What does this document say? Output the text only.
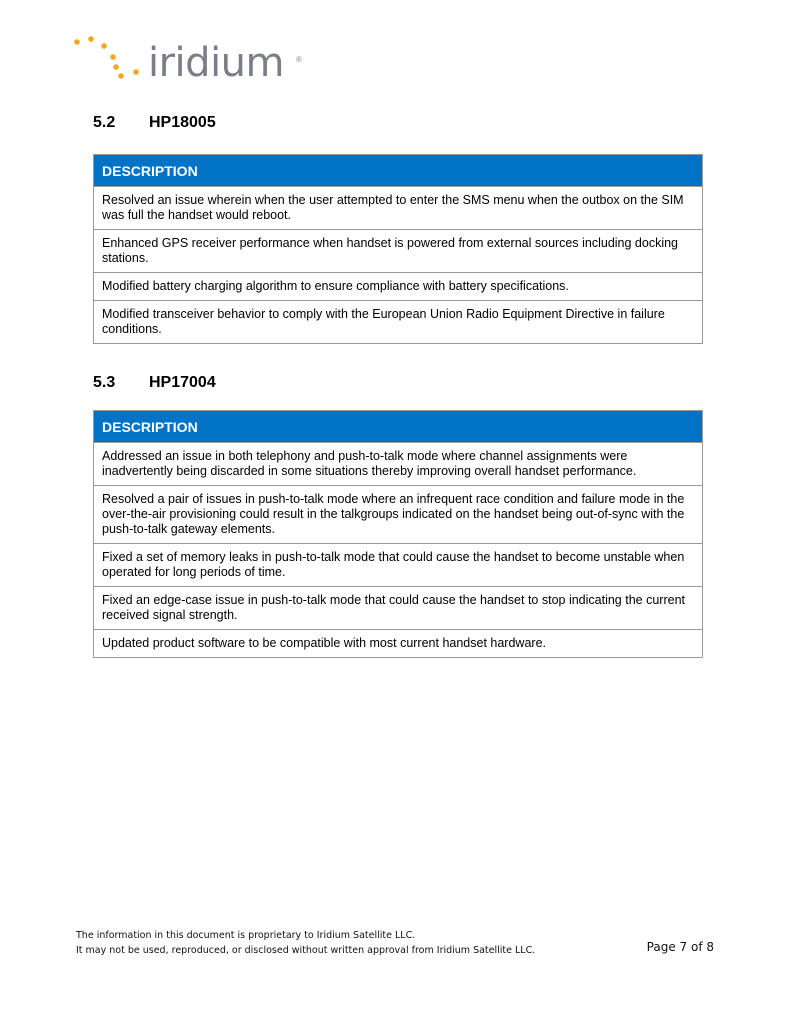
iridium ®
5.2 HP18005
DESCRIPTION
Resolved an issue wherein when the user attempted to enter the SMS menu when the outbox on the SIM was full the handset would reboot.
Enhanced GPS receiver performance when handset is powered from external sources including docking stations.
Modified battery charging algorithm to ensure compliance with battery specifications.
Modified transceiver behavior to comply with the European Union Radio Equipment Directive in failure conditions.
5.3 HP17004
DESCRIPTION
Addressed an issue in both telephony and push-to-talk mode where channel assignments were inadvertently being discarded in some situations thereby improving overall handset performance.
Resolved a pair of issues in push-to-talk mode where an infrequent race condition and failure mode in the over-the-air provisioning could result in the talkgroups indicated on the handset being out-of-sync with the push-to-talk gateway elements.
Fixed a set of memory leaks in push-to-talk mode that could cause the handset to become unstable when operated for long periods of time.
Fixed an edge-case issue in push-to-talk mode that could cause the handset to stop indicating the current received signal strength.
Updated product software to be compatible with most current handset hardware.
The information in this document is proprietary to Iridium Satellite LLC.
It may not be used, reproduced, or disclosed without written approval from Iridium Satellite LLC.	Page 7 of 8
